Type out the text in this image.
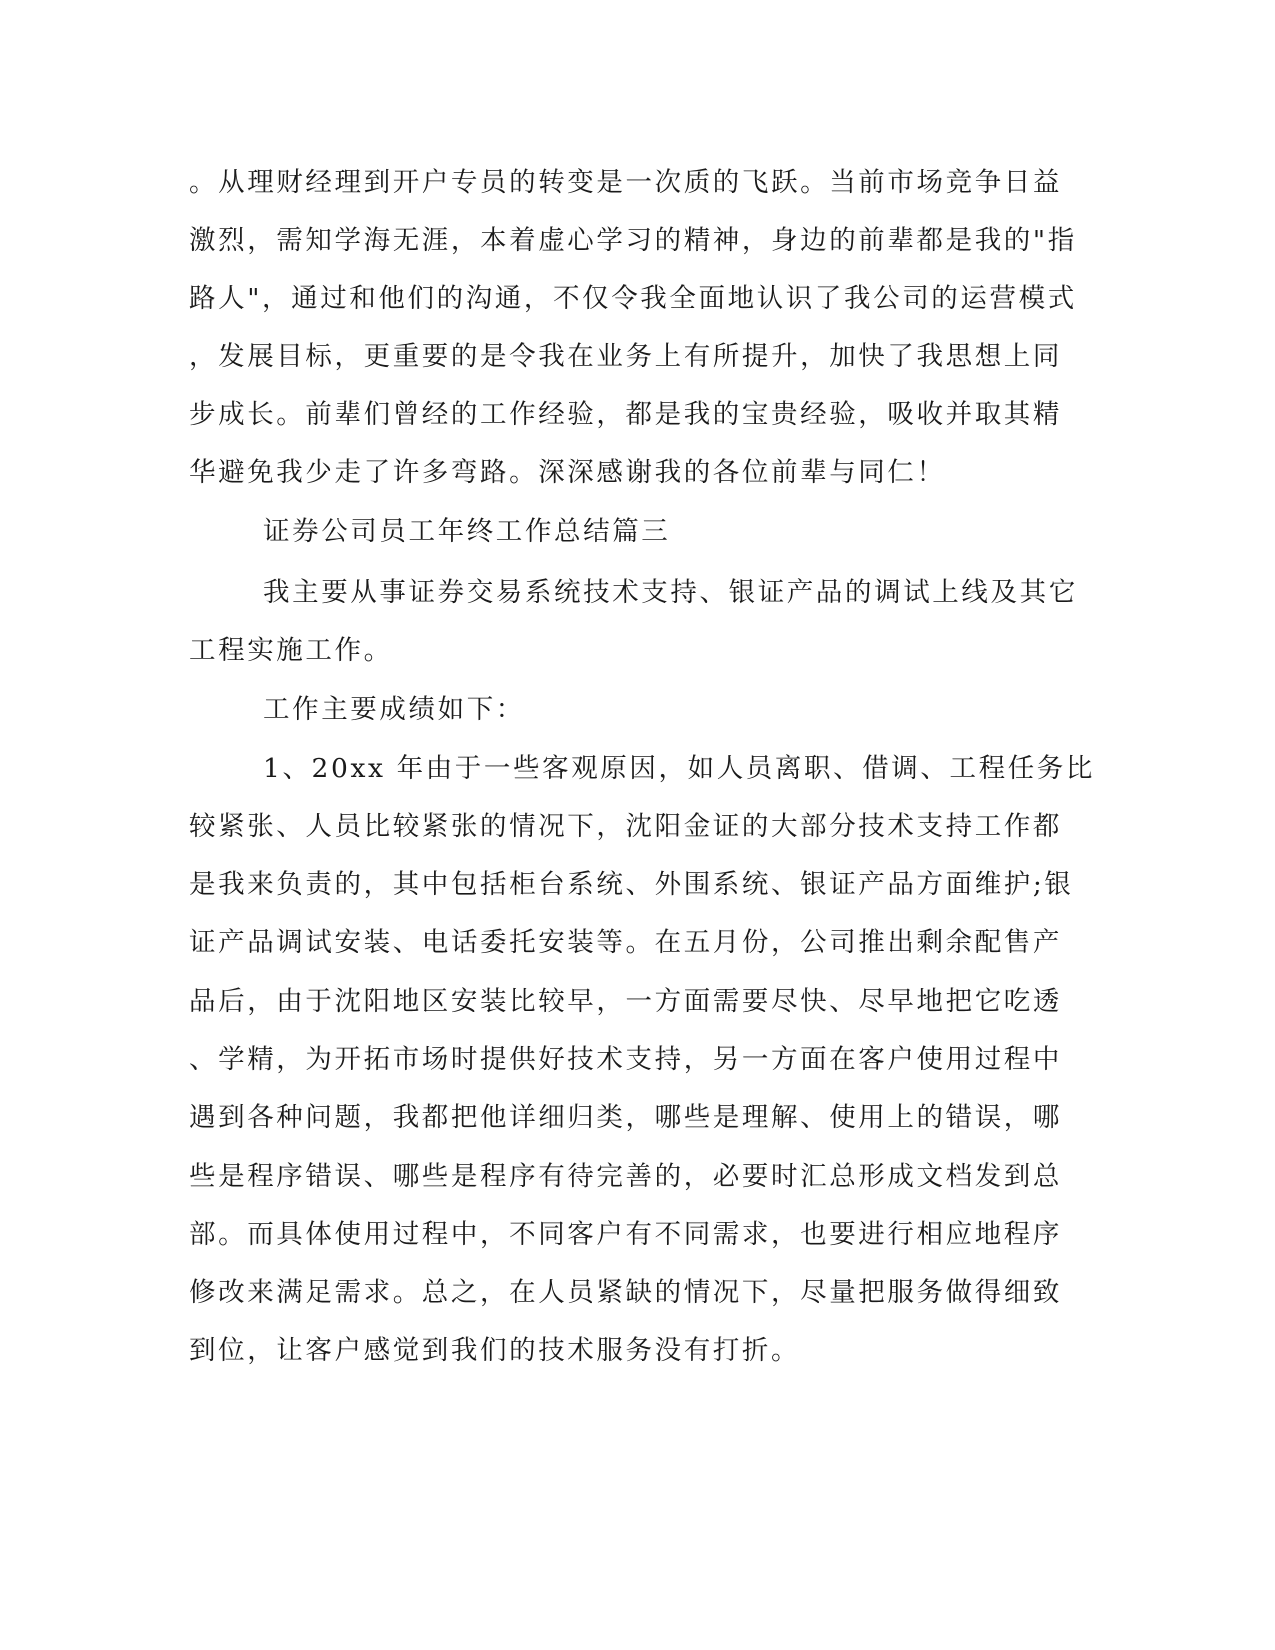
。从理财经理到开户专员的转变是一次质的飞跃。当前市场竞争日益
激烈，需知学海无涯，本着虚心学习的精神，身边的前辈都是我的"指
路人"，通过和他们的沟通，不仅令我全面地认识了我公司的运营模式
，发展目标，更重要的是令我在业务上有所提升，加快了我思想上同
步成长。前辈们曾经的工作经验，都是我的宝贵经验，吸收并取其精
华避免我少走了许多弯路。深深感谢我的各位前辈与同仁！
证券公司员工年终工作总结篇三
我主要从事证券交易系统技术支持、银证产品的调试上线及其它
工程实施工作。
工作主要成绩如下：
1、20xx 年由于一些客观原因，如人员离职、借调、工程任务比
较紧张、人员比较紧张的情况下，沈阳金证的大部分技术支持工作都
是我来负责的，其中包括柜台系统、外围系统、银证产品方面维护;银
证产品调试安装、电话委托安装等。在五月份，公司推出剩余配售产
品后，由于沈阳地区安装比较早，一方面需要尽快、尽早地把它吃透
、学精，为开拓市场时提供好技术支持，另一方面在客户使用过程中
遇到各种问题，我都把他详细归类，哪些是理解、使用上的错误，哪
些是程序错误、哪些是程序有待完善的，必要时汇总形成文档发到总
部。而具体使用过程中，不同客户有不同需求，也要进行相应地程序
修改来满足需求。总之，在人员紧缺的情况下，尽量把服务做得细致
到位，让客户感觉到我们的技术服务没有打折。
